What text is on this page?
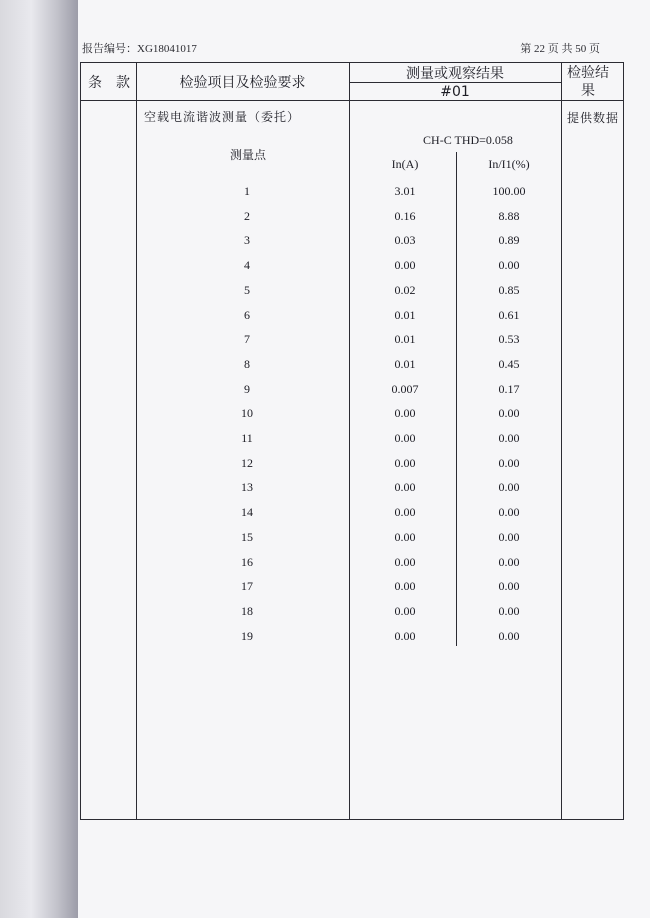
报告编号：XG18041017	第 22 页 共 50 页
条　款	检验项目及检验要求
测量或观察结果
#01
检验结果
空载电流谐波测量（委托）	提供数据
CH-C THD=0.058
测量点
In(A)	In/I1(%)
1	3.01	100.00
2	0.16	8.88
3	0.03	0.89
4	0.00	0.00
5	0.02	0.85
6	0.01	0.61
7	0.01	0.53
8	0.01	0.45
9	0.007	0.17
10	0.00	0.00
11	0.00	0.00
12	0.00	0.00
13	0.00	0.00
14	0.00	0.00
15	0.00	0.00
16	0.00	0.00
17	0.00	0.00
18	0.00	0.00
19	0.00	0.00
